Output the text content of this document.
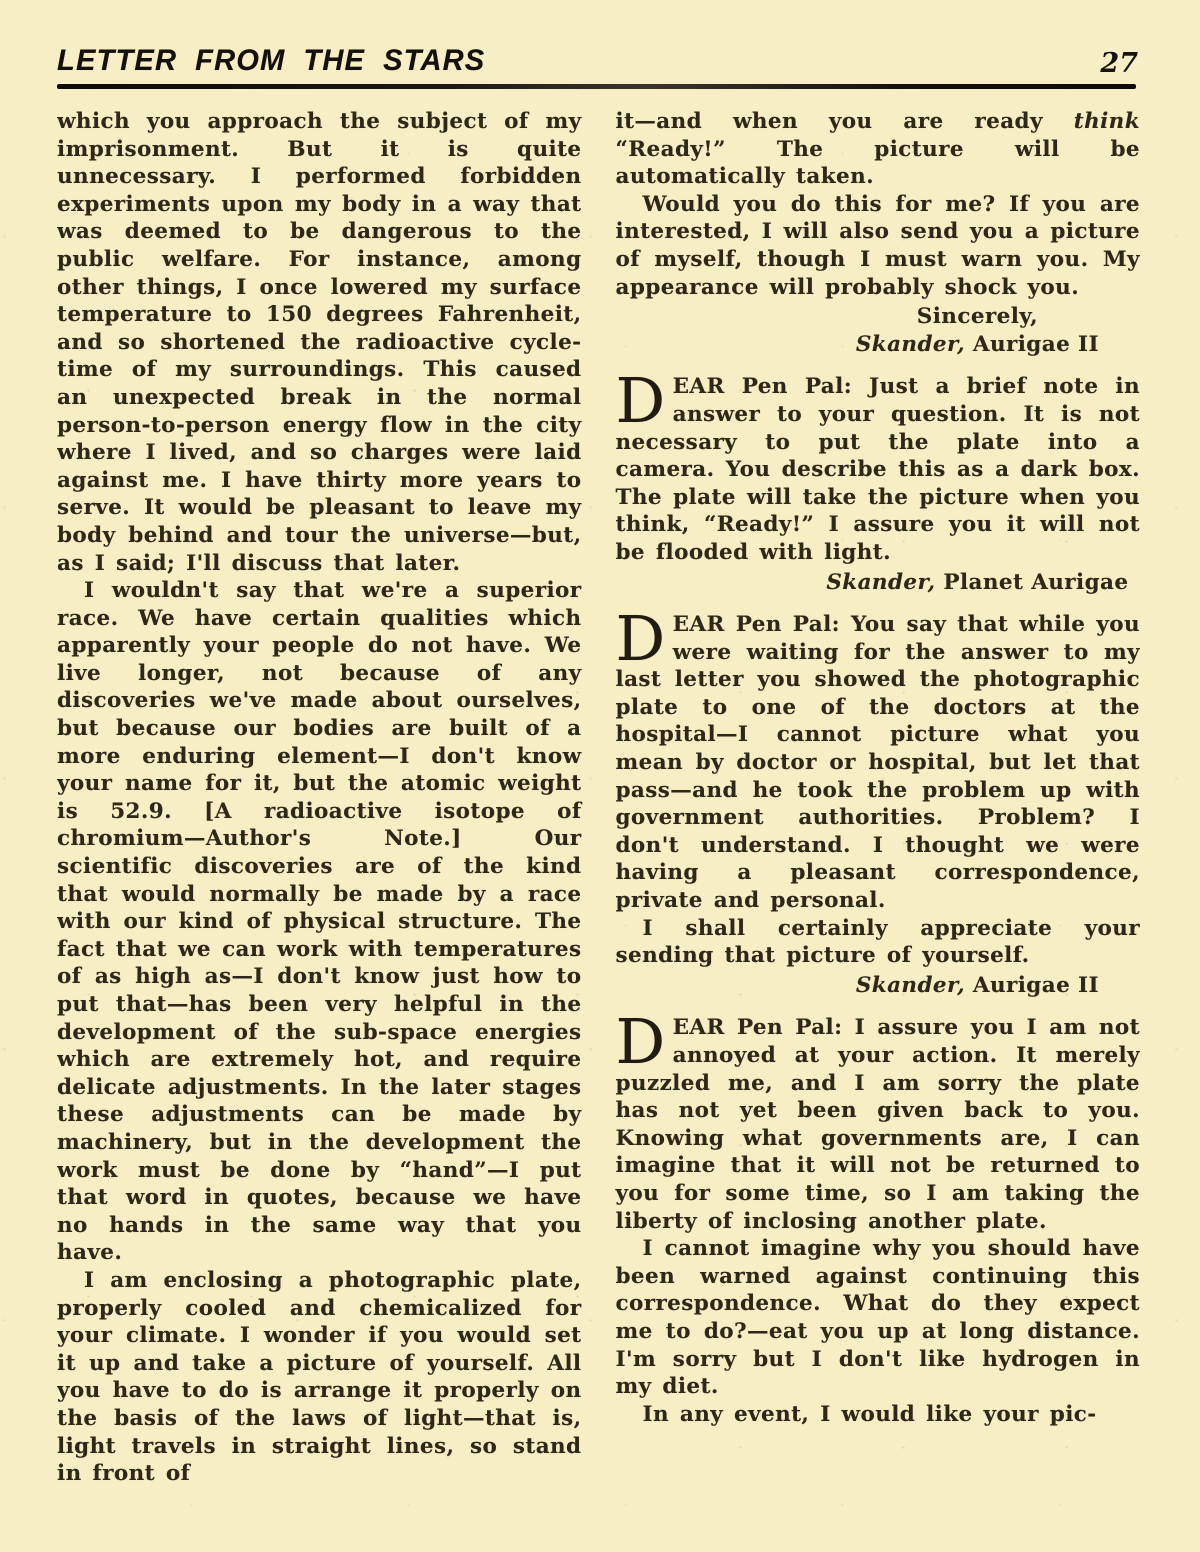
LETTER FROM THE STARS	27

which you approach the subject of my imprisonment. But it is quite unnecessary. I performed forbidden experiments upon my body in a way that was deemed to be dangerous to the public welfare. For instance, among other things, I once lowered my surface temperature to 150 degrees Fahrenheit, and so shortened the radioactive cycle-time of my surroundings. This caused an unexpected break in the normal person-to-person energy flow in the city where I lived, and so charges were laid against me. I have thirty more years to serve. It would be pleasant to leave my body behind and tour the universe—but, as I said; I'll discuss that later.

I wouldn't say that we're a superior race. We have certain qualities which apparently your people do not have. We live longer, not because of any discoveries we've made about ourselves, but because our bodies are built of a more enduring element—I don't know your name for it, but the atomic weight is 52.9. [A radioactive isotope of chromium—Author's Note.] Our scientific discoveries are of the kind that would normally be made by a race with our kind of physical structure. The fact that we can work with temperatures of as high as—I don't know just how to put that—has been very helpful in the development of the sub-space energies which are extremely hot, and require delicate adjustments. In the later stages these adjustments can be made by machinery, but in the development the work must be done by “hand”—I put that word in quotes, because we have no hands in the same way that you have.

I am enclosing a photographic plate, properly cooled and chemicalized for your climate. I wonder if you would set it up and take a picture of yourself. All you have to do is arrange it properly on the basis of the laws of light—that is, light travels in straight lines, so stand in front of

it—and when you are ready think “Ready!” The picture will be automatically taken.

Would you do this for me? If you are interested, I will also send you a picture of myself, though I must warn you. My appearance will probably shock you.

Sincerely,
Skander, Aurigae II

DEAR Pen Pal: Just a brief note in answer to your question. It is not necessary to put the plate into a camera. You describe this as a dark box. The plate will take the picture when you think, “Ready!” I assure you it will not be flooded with light.

Skander, Planet Aurigae

DEAR Pen Pal: You say that while you were waiting for the answer to my last letter you showed the photographic plate to one of the doctors at the hospital—I cannot picture what you mean by doctor or hospital, but let that pass—and he took the problem up with government authorities. Problem? I don't understand. I thought we were having a pleasant correspondence, private and personal.

I shall certainly appreciate your sending that picture of yourself.

Skander, Aurigae II

DEAR Pen Pal: I assure you I am not annoyed at your action. It merely puzzled me, and I am sorry the plate has not yet been given back to you. Knowing what governments are, I can imagine that it will not be returned to you for some time, so I am taking the liberty of inclosing another plate.

I cannot imagine why you should have been warned against continuing this correspondence. What do they expect me to do?—eat you up at long distance. I'm sorry but I don't like hydrogen in my diet.

In any event, I would like your pic-
